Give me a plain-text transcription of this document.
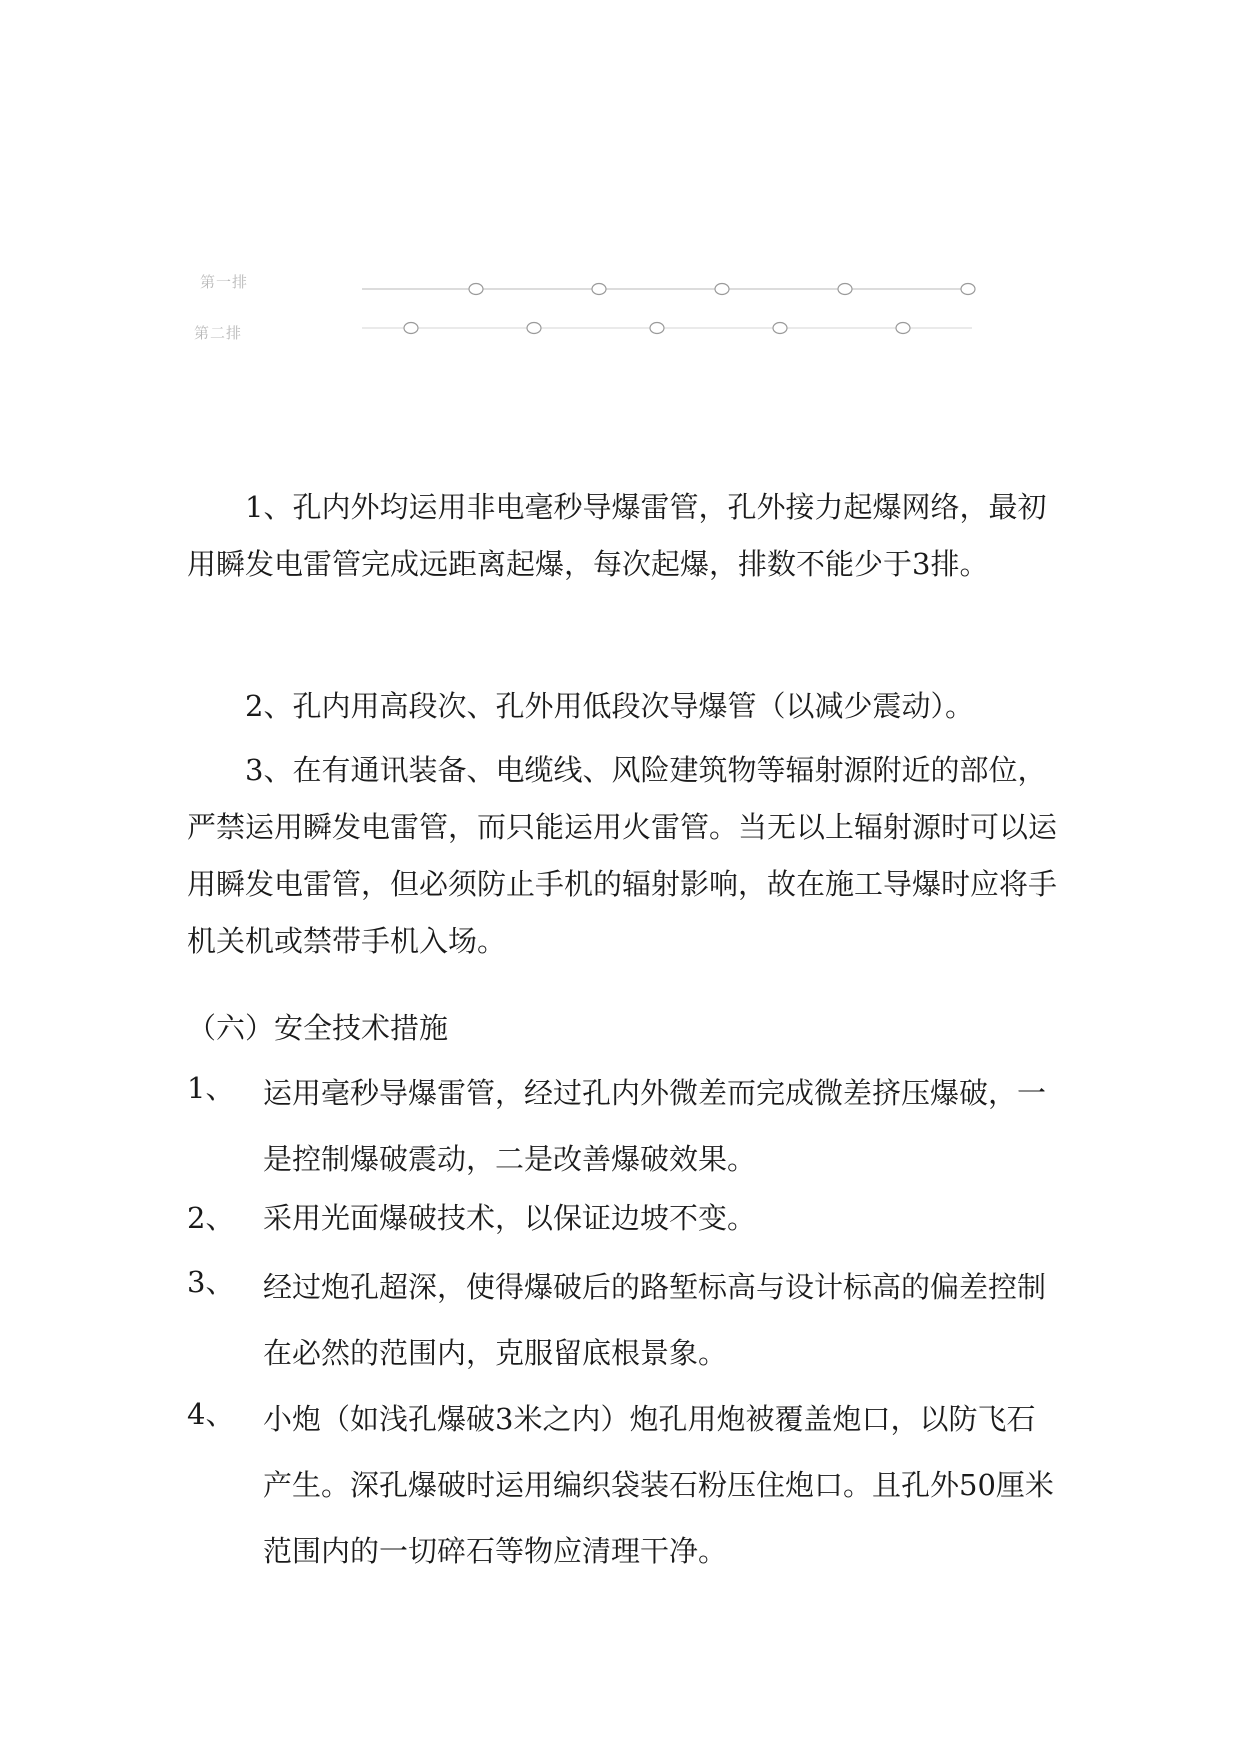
第一排
第二排

1、孔内外均运用非电毫秒导爆雷管，孔外接力起爆网络，最初用瞬发电雷管完成远距离起爆，每次起爆，排数不能少于3排。

2、孔内用高段次、孔外用低段次导爆管（以减少震动）。

3、在有通讯装备、电缆线、风险建筑物等辐射源附近的部位，严禁运用瞬发电雷管，而只能运用火雷管。当无以上辐射源时可以运用瞬发电雷管，但必须防止手机的辐射影响，故在施工导爆时应将手机关机或禁带手机入场。

（六）安全技术措施

1、 运用毫秒导爆雷管，经过孔内外微差而完成微差挤压爆破，一是控制爆破震动，二是改善爆破效果。
2、 采用光面爆破技术，以保证边坡不变。
3、 经过炮孔超深，使得爆破后的路堑标高与设计标高的偏差控制在必然的范围内，克服留底根景象。
4、 小炮（如浅孔爆破3米之内）炮孔用炮被覆盖炮口，以防飞石产生。深孔爆破时运用编织袋装石粉压住炮口。且孔外50厘米范围内的一切碎石等物应清理干净。
